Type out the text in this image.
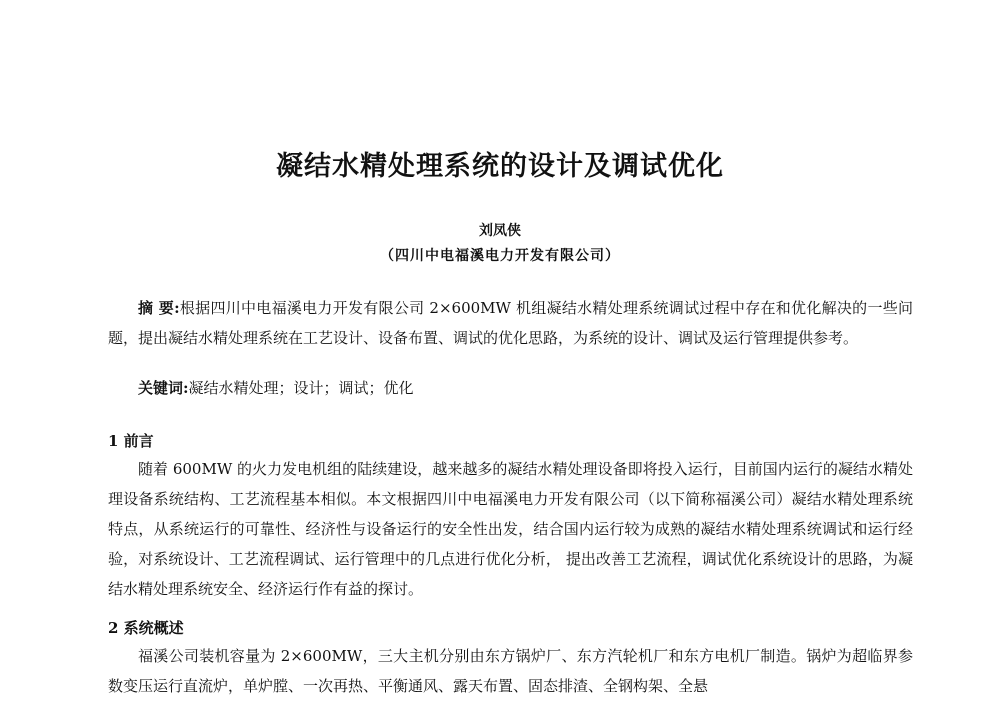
凝结水精处理系统的设计及调试优化
刘凤侠
（四川中电福溪电力开发有限公司）

摘 要:根据四川中电福溪电力开发有限公司 2×600MW 机组凝结水精处理系统调试过程中存在和优化解决的一些问题，提出凝结水精处理系统在工艺设计、设备布置、调试的优化思路，为系统的设计、调试及运行管理提供参考。

关键词:凝结水精处理；设计；调试；优化
1 前言

随着 600MW 的火力发电机组的陆续建设，越来越多的凝结水精处理设备即将投入运行，目前国内运行的凝结水精处理设备系统结构、工艺流程基本相似。本文根据四川中电福溪电力开发有限公司（以下简称福溪公司）凝结水精处理系统特点，从系统运行的可靠性、经济性与设备运行的安全性出发，结合国内运行较为成熟的凝结水精处理系统调试和运行经验，对系统设计、工艺流程调试、运行管理中的几点进行优化分析， 提出改善工艺流程，调试优化系统设计的思路，为凝结水精处理系统安全、经济运行作有益的探讨。

2 系统概述

福溪公司装机容量为 2×600MW，三大主机分别由东方锅炉厂、东方汽轮机厂和东方电机厂制造。锅炉为超临界参数变压运行直流炉，单炉膛、一次再热、平衡通风、露天布置、固态排渣、全钢构架、全悬
